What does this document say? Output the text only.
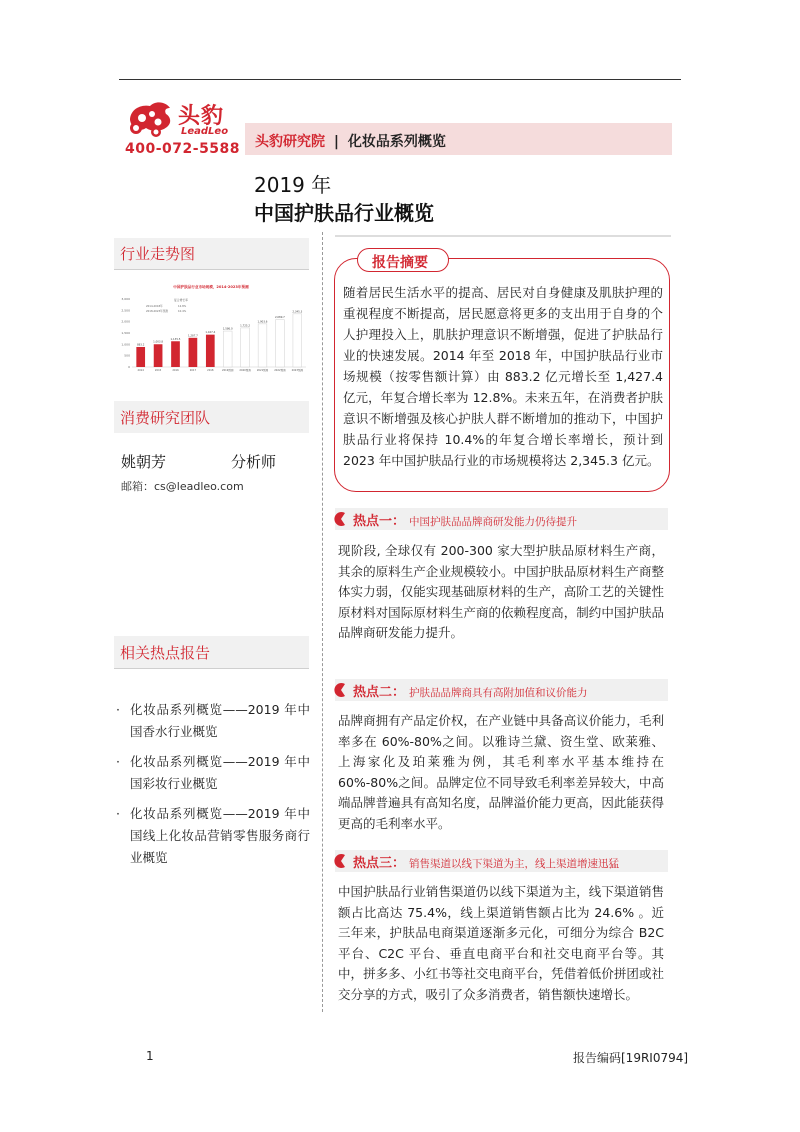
头豹
LeadLeo
400-072-5588 头豹研究院 | 化妆品系列概览
2019 年
中国护肤品行业概览
行业走势图
中国护肤品行业市场规模，2014-2023年预测
0
500
1,000
1,500
2,000
2,500
3,000	复合增长率
2014-2018年	12.8%
2018-2023年预测	10.4%
883.2
2014
1,003.8
2015
1,135.5
2016
1,287.7
2017
1,427.4
2018
1,586.0
2019预测
1,725.2
2020预测
1,903.6
2021预测
2,089.7
2022预测
2,345.3
2023预测
消费研究团队
姚朝芳	分析师
邮箱：cs@leadleo.com
相关热点报告
· 化妆品系列概览——2019 年中国香水行业概览
· 化妆品系列概览——2019 年中国彩妆行业概览
· 化妆品系列概览——2019 年中国线上化妆品营销零售服务商行业概览
报告摘要
随着居民生活水平的提高、居民对自身健康及肌肤护理的重视程度不断提高，居民愿意将更多的支出用于自身的个人护理投入上，肌肤护理意识不断增强，促进了护肤品行业的快速发展。2014 年至 2018 年，中国护肤品行业市场规模（按零售额计算）由 883.2 亿元增长至 1,427.4 亿元，年复合增长率为 12.8%。未来五年，在消费者护肤意识不断增强及核心护肤人群不断增加的推动下，中国护肤品行业将保持 10.4%的年复合增长率增长，预计到 2023 年中国护肤品行业的市场规模将达 2,345.3 亿元。
热点一： 中国护肤品品牌商研发能力仍待提升
现阶段, 全球仅有 200-300 家大型护肤品原材料生产商，其余的原料生产企业规模较小。中国护肤品原材料生产商整体实力弱，仅能实现基础原材料的生产，高阶工艺的关键性原材料对国际原材料生产商的依赖程度高，制约中国护肤品品牌商研发能力提升。
热点二： 护肤品品牌商具有高附加值和议价能力
品牌商拥有产品定价权，在产业链中具备高议价能力，毛利率多在 60%-80%之间。以雅诗兰黛、资生堂、欧莱雅、上海家化及珀莱雅为例，其毛利率水平基本维持在 60%-80%之间。品牌定位不同导致毛利率差异较大，中高端品牌普遍具有高知名度，品牌溢价能力更高，因此能获得更高的毛利率水平。
热点三： 销售渠道以线下渠道为主，线上渠道增速迅猛
中国护肤品行业销售渠道仍以线下渠道为主，线下渠道销售额占比高达 75.4%，线上渠道销售额占比为 24.6% 。近三年来，护肤品电商渠道逐渐多元化，可细分为综合 B2C 平台、C2C 平台、垂直电商平台和社交电商平台等。其中，拼多多、小红书等社交电商平台，凭借着低价拼团或社交分享的方式，吸引了众多消费者，销售额快速增长。
1	报告编码[19RI0794]
